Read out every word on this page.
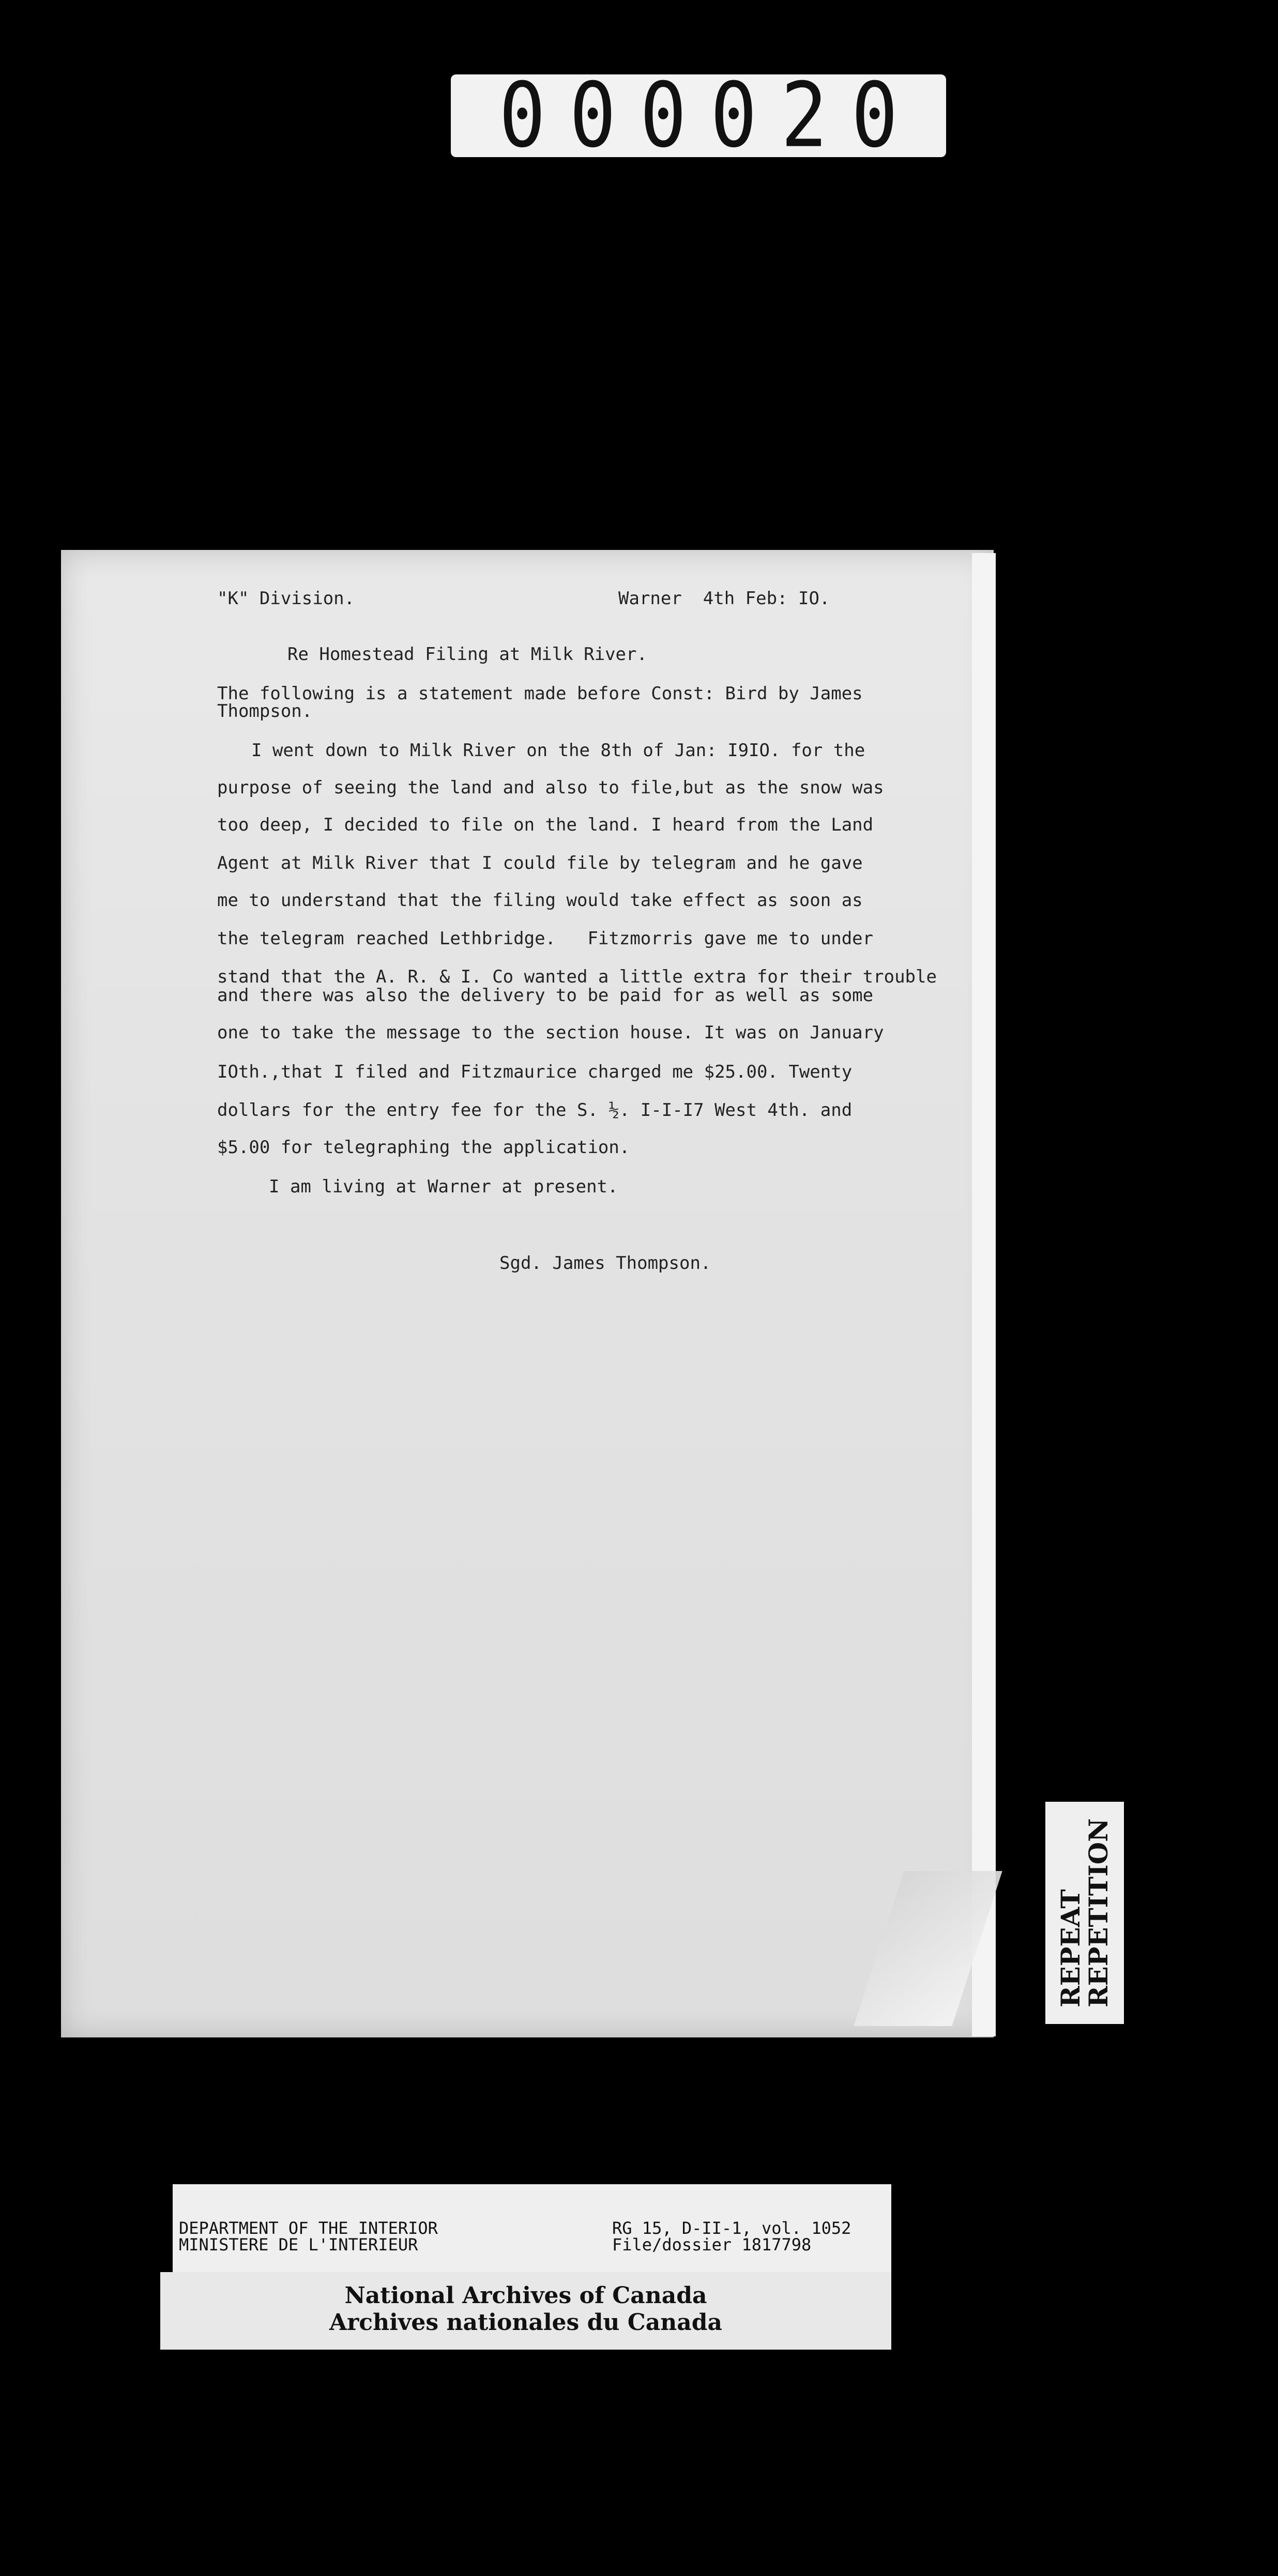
000020
"K" Division.	Warner  4th Feb: IO.
Re Homestead Filing at Milk River.
The following is a statement made before Const: Bird by James
Thompson.
I went down to Milk River on the 8th of Jan: I9IO. for the
purpose of seeing the land and also to file,but as the snow was
too deep, I decided to file on the land. I heard from the Land
Agent at Milk River that I could file by telegram and he gave
me to understand that the filing would take effect as soon as
the telegram reached Lethbridge.   Fitzmorris gave me to under
stand that the A. R. & I. Co wanted a little extra for their trouble
and there was also the delivery to be paid for as well as some
one to take the message to the section house. It was on January
IOth.,that I filed and Fitzmaurice charged me $25.00. Twenty
dollars for the entry fee for the S. ½. I-I-I7 West 4th. and
$5.00 for telegraphing the application.
I am living at Warner at present.
Sgd. James Thompson.
REPEAT
REPETITION
DEPARTMENT OF THE INTERIOR
MINISTERE DE L'INTERIEUR
RG 15, D-II-1, vol. 1052
File/dossier 1817798
National Archives of Canada
Archives nationales du Canada
